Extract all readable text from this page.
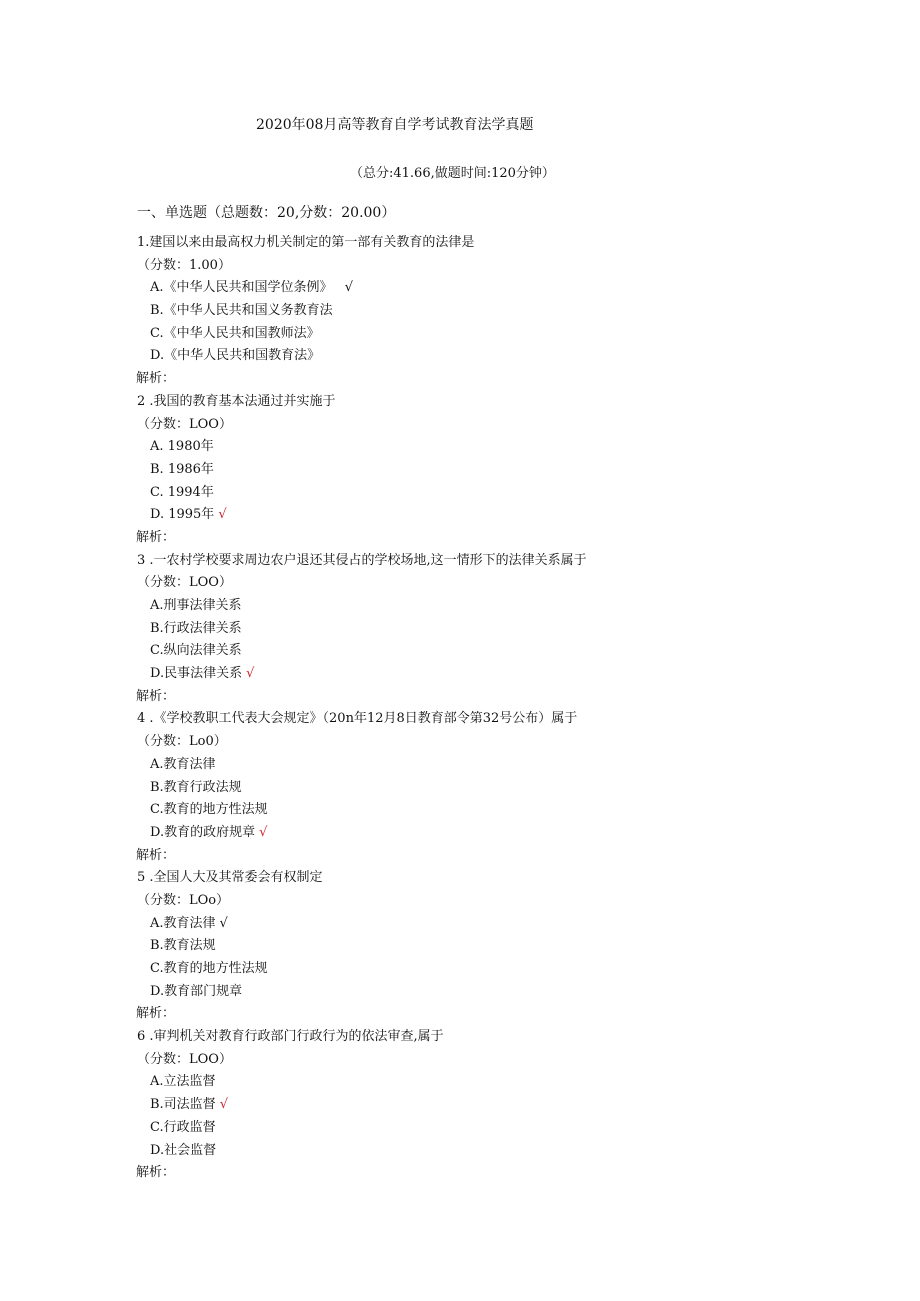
2020年08月高等教育自学考试教育法学真题
（总分:41.66,做题时间:120分钟）
一、单选题（总题数：20,分数：20.00）
1.建国以来由最高权力机关制定的第一部有关教育的法律是
（分数：1.00）
A.《中华人民共和国学位条例》  √
B.《中华人民共和国义务教育法
C.《中华人民共和国教师法》
D.《中华人民共和国教育法》
解析：
2 .我国的教育基本法通过并实施于
（分数：LOO）
A. 1980年
B. 1986年
C. 1994年
D. 1995年 √
解析：
3 .一农村学校要求周边农户退还其侵占的学校场地,这一情形下的法律关系属于
（分数：LOO）
A.刑事法律关系
B.行政法律关系
C.纵向法律关系
D.民事法律关系 √
解析：
4 .《学校教职工代表大会规定》（20n年12月8日教育部令第32号公布）属于
（分数：Lo0）
A.教育法律
B.教育行政法规
C.教育的地方性法规
D.教育的政府规章 √
解析：
5 .全国人大及其常委会有权制定
（分数：LOo）
A.教育法律 √
B.教育法规
C.教育的地方性法规
D.教育部门规章
解析：
6 .审判机关对教育行政部门行政行为的依法审查,属于
（分数：LOO）
A.立法监督
B.司法监督 √
C.行政监督
D.社会监督
解析：
